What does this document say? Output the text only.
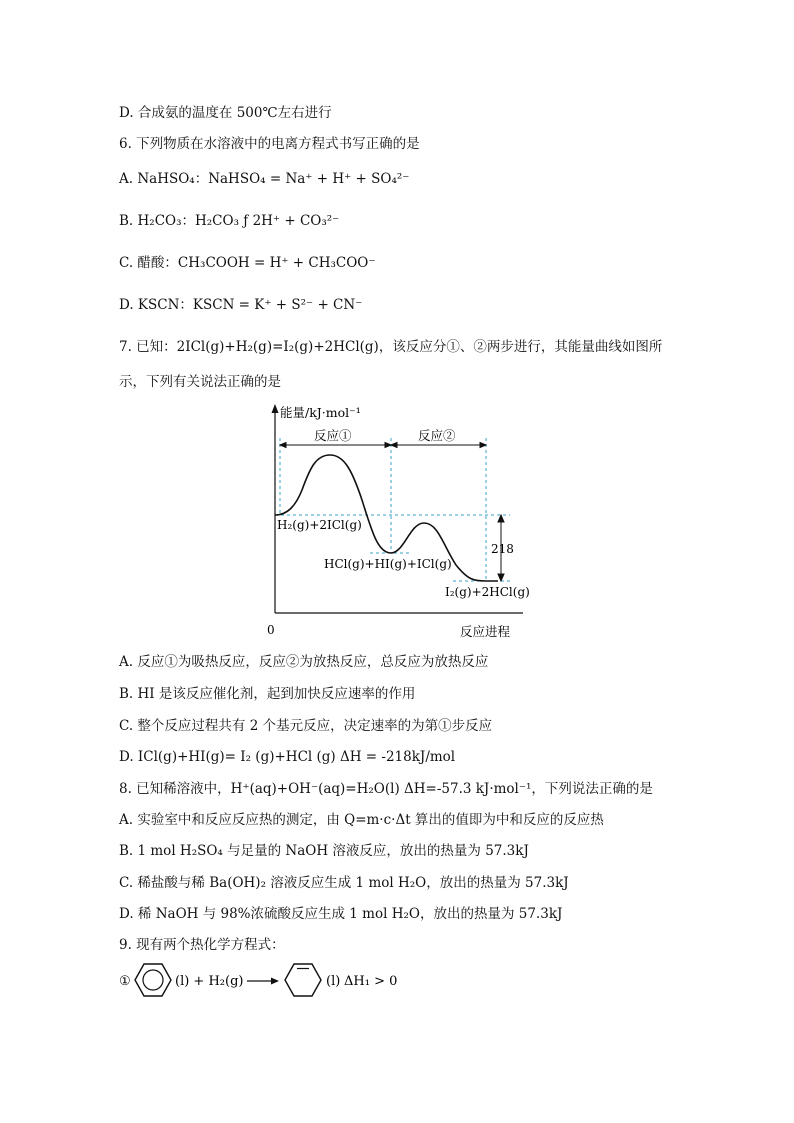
D. 合成氨的温度在 500℃左右进行
6. 下列物质在水溶液中的电离方程式书写正确的是
A. NaHSO₄：NaHSO₄ = Na⁺ + H⁺ + SO₄²⁻
B. H₂CO₃：H₂CO₃ ƒ 2H⁺ + CO₃²⁻
C. 醋酸：CH₃COOH = H⁺ + CH₃COO⁻
D. KSCN：KSCN = K⁺ + S²⁻ + CN⁻
7. 已知：2ICl(g)+H₂(g)=I₂(g)+2HCl(g)，该反应分①、②两步进行，其能量曲线如图所
示，下列有关说法正确的是
能量/kJ·mol⁻¹
0	反应进程
反应①	反应②
218
H₂(g)+2ICl(g)
HCl(g)+HI(g)+ICl(g)
I₂(g)+2HCl(g)
A. 反应①为吸热反应，反应②为放热反应，总反应为放热反应
B. HI 是该反应催化剂，起到加快反应速率的作用
C. 整个反应过程共有 2 个基元反应，决定速率的为第①步反应
D. ICl(g)+HI(g)= I₂ (g)+HCl (g) ΔH = -218kJ/mol
8. 已知稀溶液中，H⁺(aq)+OH⁻(aq)=H₂O(l) ΔH=-57.3 kJ·mol⁻¹，下列说法正确的是
A. 实验室中和反应反应热的测定，由 Q=m·c·Δt 算出的值即为中和反应的反应热
B. 1 mol H₂SO₄ 与足量的 NaOH 溶液反应，放出的热量为 57.3kJ
C. 稀盐酸与稀 Ba(OH)₂ 溶液反应生成 1 mol H₂O，放出的热量为 57.3kJ
D. 稀 NaOH 与 98%浓硫酸反应生成 1 mol H₂O，放出的热量为 57.3kJ
9. 现有两个热化学方程式：
①	(l) + H₂(g)	(l) ΔH₁ > 0
